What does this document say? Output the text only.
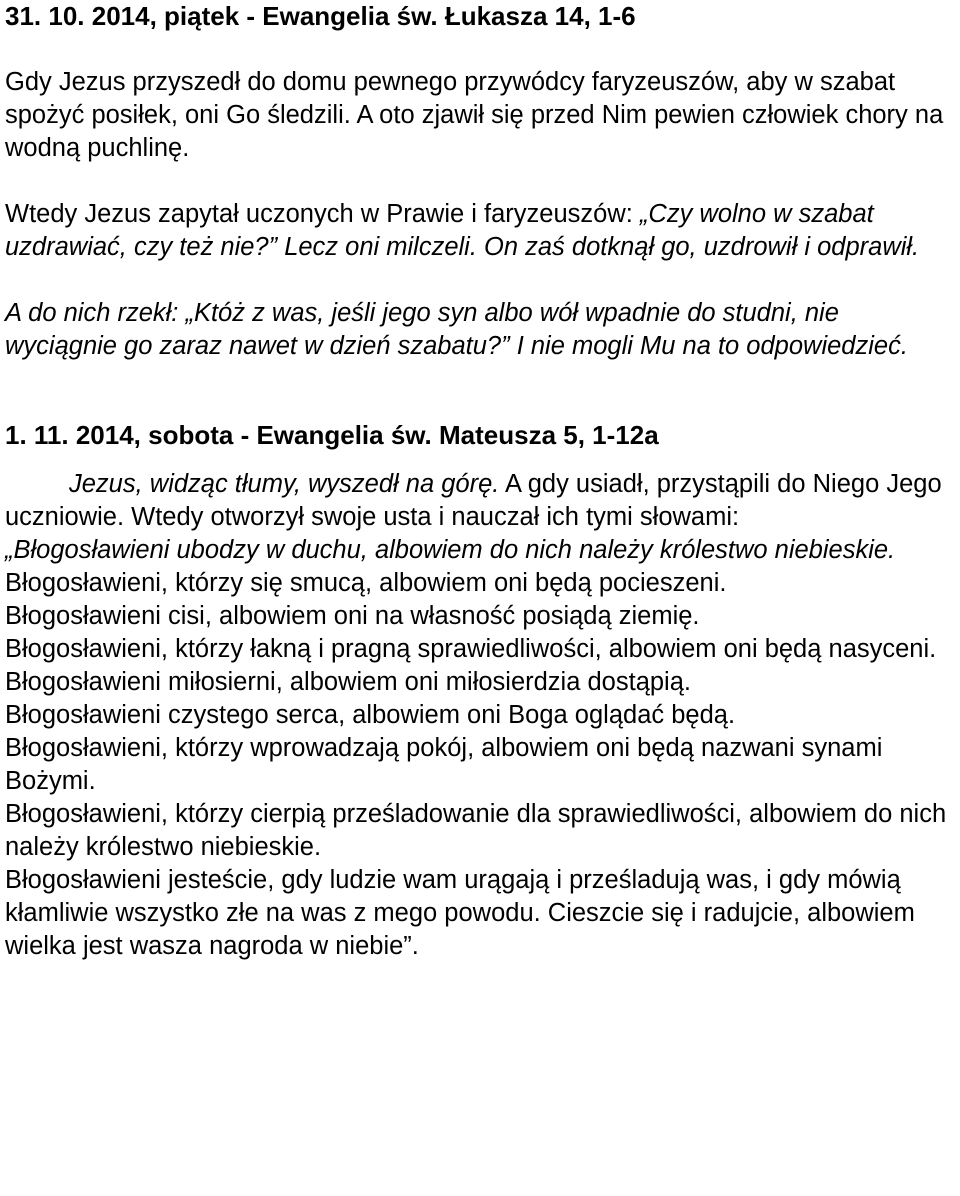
31. 10. 2014, piątek - Ewangelia św. Łukasza 14, 1-6

Gdy Jezus przyszedł do domu pewnego przywódcy faryzeuszów, aby w szabat spożyć posiłek, oni Go śledzili. A oto zjawił się przed Nim pewien człowiek chory na wodną puchlinę.

Wtedy Jezus zapytał uczonych w Prawie i faryzeuszów: „Czy wolno w szabat uzdrawiać, czy też nie?” Lecz oni milczeli. On zaś dotknął go, uzdrowił i odprawił.

A do nich rzekł: „Któż z was, jeśli jego syn albo wół wpadnie do studni, nie wyciągnie go zaraz nawet w dzień szabatu?” I nie mogli Mu na to odpowiedzieć.

1. 11. 2014, sobota - Ewangelia św. Mateusza 5, 1-12a

Jezus, widząc tłumy, wyszedł na górę. A gdy usiadł, przystąpili do Niego Jego uczniowie. Wtedy otworzył swoje usta i nauczał ich tymi słowami:

„Błogosławieni ubodzy w duchu, albowiem do nich należy królestwo niebieskie.

Błogosławieni, którzy się smucą, albowiem oni będą pocieszeni.

Błogosławieni cisi, albowiem oni na własność posiądą ziemię.

Błogosławieni, którzy łakną i pragną sprawiedliwości, albowiem oni będą nasyceni.

Błogosławieni miłosierni, albowiem oni miłosierdzia dostąpią.

Błogosławieni czystego serca, albowiem oni Boga oglądać będą.

Błogosławieni, którzy wprowadzają pokój, albowiem oni będą nazwani synami Bożymi.

Błogosławieni, którzy cierpią prześladowanie dla sprawiedliwości, albowiem do nich należy królestwo niebieskie.

Błogosławieni jesteście, gdy ludzie wam urągają i prześladują was, i gdy mówią kłamliwie wszystko złe na was z mego powodu. Cieszcie się i radujcie, albowiem wielka jest wasza nagroda w niebie”.
